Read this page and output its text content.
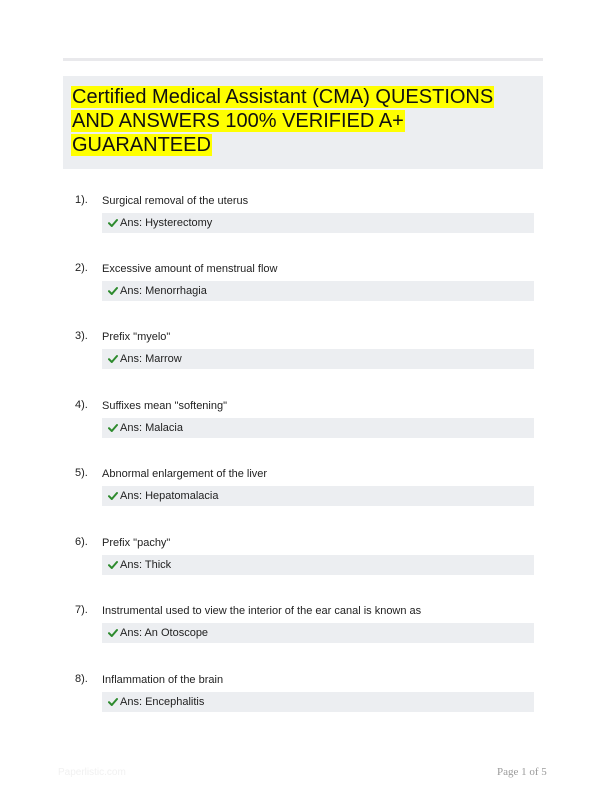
Certified Medical Assistant (CMA) QUESTIONS AND ANSWERS 100% VERIFIED A+ GUARANTEED
1). Surgical removal of the uterus
Ans: Hysterectomy
2). Excessive amount of menstrual flow
Ans: Menorrhagia
3). Prefix "myelo"
Ans: Marrow
4). Suffixes mean "softening"
Ans: Malacia
5). Abnormal enlargement of the liver
Ans: Hepatomalacia
6). Prefix "pachy"
Ans: Thick
7). Instrumental used to view the interior of the ear canal is known as
Ans: An Otoscope
8). Inflammation of the brain
Ans: Encephalitis
Paperlistic.com	Page 1 of 5
